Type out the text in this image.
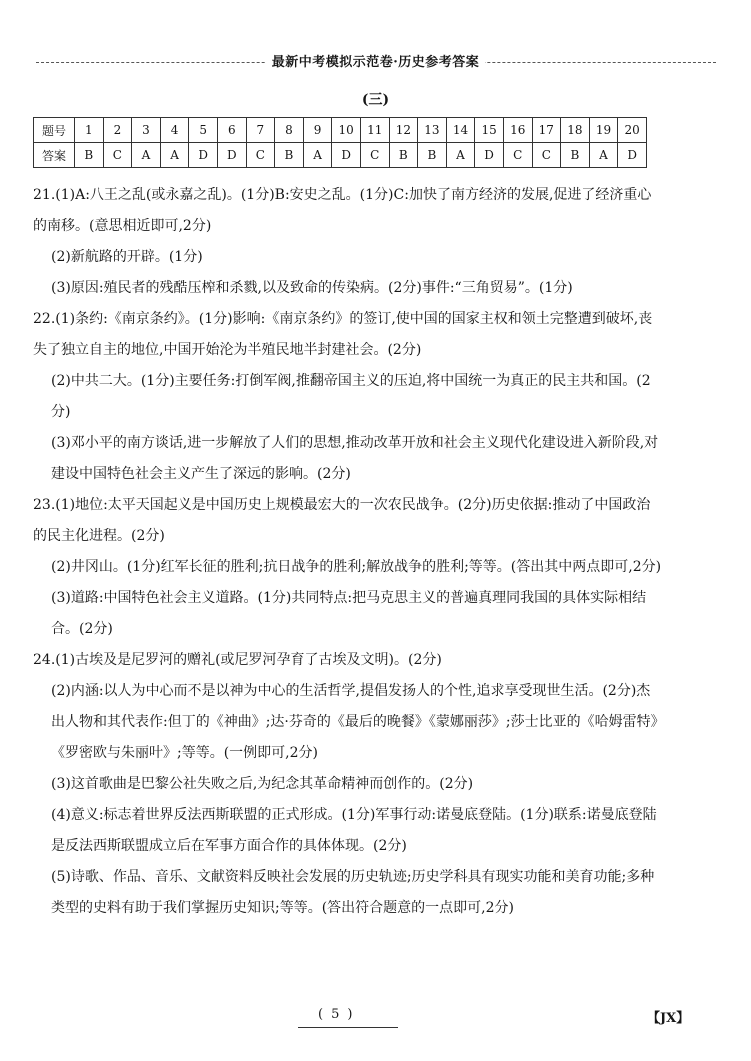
最新中考模拟示范卷·历史参考答案
(三)
题号	1	2	3	4	5	6	7	8	9	10	11	12	13	14	15	16	17	18	19	20
答案	B	C	A	A	D	D	C	B	A	D	C	B	B	A	D	C	C	B	A	D

21.(1)A:八王之乱(或永嘉之乱)。(1分)B:安史之乱。(1分)C:加快了南方经济的发展,促进了经济重心的南移。(意思相近即可,2分)

(2)新航路的开辟。(1分)

(3)原因:殖民者的残酷压榨和杀戮,以及致命的传染病。(2分)事件:“三角贸易”。(1分)

22.(1)条约:《南京条约》。(1分)影响:《南京条约》的签订,使中国的国家主权和领土完整遭到破坏,丧失了独立自主的地位,中国开始沦为半殖民地半封建社会。(2分)

(2)中共二大。(1分)主要任务:打倒军阀,推翻帝国主义的压迫,将中国统一为真正的民主共和国。(2分)

(3)邓小平的南方谈话,进一步解放了人们的思想,推动改革开放和社会主义现代化建设进入新阶段,对建设中国特色社会主义产生了深远的影响。(2分)

23.(1)地位:太平天国起义是中国历史上规模最宏大的一次农民战争。(2分)历史依据:推动了中国政治的民主化进程。(2分)

(2)井冈山。(1分)红军长征的胜利;抗日战争的胜利;解放战争的胜利;等等。(答出其中两点即可,2分)

(3)道路:中国特色社会主义道路。(1分)共同特点:把马克思主义的普遍真理同我国的具体实际相结合。(2分)

24.(1)古埃及是尼罗河的赠礼(或尼罗河孕育了古埃及文明)。(2分)

(2)内涵:以人为中心而不是以神为中心的生活哲学,提倡发扬人的个性,追求享受现世生活。(2分)杰出人物和其代表作:但丁的《神曲》;达·芬奇的《最后的晚餐》《蒙娜丽莎》;莎士比亚的《哈姆雷特》《罗密欧与朱丽叶》;等等。(一例即可,2分)

(3)这首歌曲是巴黎公社失败之后,为纪念其革命精神而创作的。(2分)

(4)意义:标志着世界反法西斯联盟的正式形成。(1分)军事行动:诺曼底登陆。(1分)联系:诺曼底登陆是反法西斯联盟成立后在军事方面合作的具体体现。(2分)

(5)诗歌、作品、音乐、文献资料反映社会发展的历史轨迹;历史学科具有现实功能和美育功能;多种类型的史料有助于我们掌握历史知识;等等。(答出符合题意的一点即可,2分)

( 5 )	【JX】
